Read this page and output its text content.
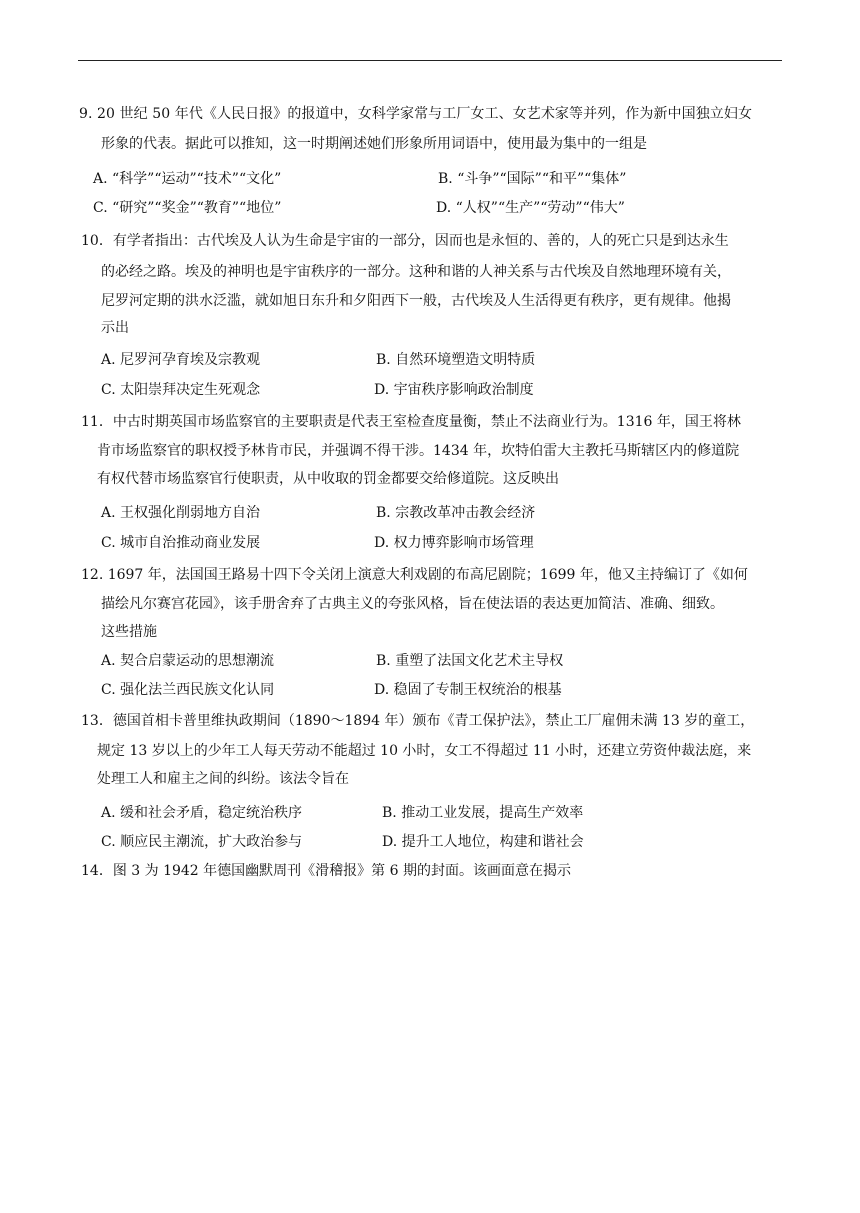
9. 20 世纪 50 年代《人民日报》的报道中，女科学家常与工厂女工、女艺术家等并列，作为新中国独立妇女
形象的代表。据此可以推知，这一时期阐述她们形象所用词语中，使用最为集中的一组是
A. “科学”“运动”“技术”“文化”	B. “斗争”“国际”“和平”“集体”
C. “研究”“奖金”“教育”“地位”	D. “人权”“生产”“劳动”“伟大”
10．有学者指出：古代埃及人认为生命是宇宙的一部分，因而也是永恒的、善的，人的死亡只是到达永生
的必经之路。埃及的神明也是宇宙秩序的一部分。这种和谐的人神关系与古代埃及自然地理环境有关，
尼罗河定期的洪水泛滥，就如旭日东升和夕阳西下一般，古代埃及人生活得更有秩序，更有规律。他揭
示出
A. 尼罗河孕育埃及宗教观	B. 自然环境塑造文明特质
C. 太阳崇拜决定生死观念	D. 宇宙秩序影响政治制度
11．中古时期英国市场监察官的主要职责是代表王室检查度量衡，禁止不法商业行为。1316 年，国王将林
肯市场监察官的职权授予林肯市民，并强调不得干涉。1434 年，坎特伯雷大主教托马斯辖区内的修道院
有权代替市场监察官行使职责，从中收取的罚金都要交给修道院。这反映出
A. 王权强化削弱地方自治	B. 宗教改革冲击教会经济
C. 城市自治推动商业发展	D. 权力博弈影响市场管理
12. 1697 年，法国国王路易十四下令关闭上演意大利戏剧的布高尼剧院；1699 年，他又主持编订了《如何
描绘凡尔赛宫花园》，该手册舍弃了古典主义的夸张风格，旨在使法语的表达更加简洁、准确、细致。
这些措施
A. 契合启蒙运动的思想潮流	B. 重塑了法国文化艺术主导权
C. 强化法兰西民族文化认同	D. 稳固了专制王权统治的根基
13．德国首相卡普里维执政期间（1890～1894 年）颁布《青工保护法》，禁止工厂雇佣未满 13 岁的童工，
规定 13 岁以上的少年工人每天劳动不能超过 10 小时，女工不得超过 11 小时，还建立劳资仲裁法庭，来
处理工人和雇主之间的纠纷。该法令旨在
A. 缓和社会矛盾，稳定统治秩序	B. 推动工业发展，提高生产效率
C. 顺应民主潮流，扩大政治参与	D. 提升工人地位，构建和谐社会
14．图 3 为 1942 年德国幽默周刊《滑稽报》第 6 期的封面。该画面意在揭示
